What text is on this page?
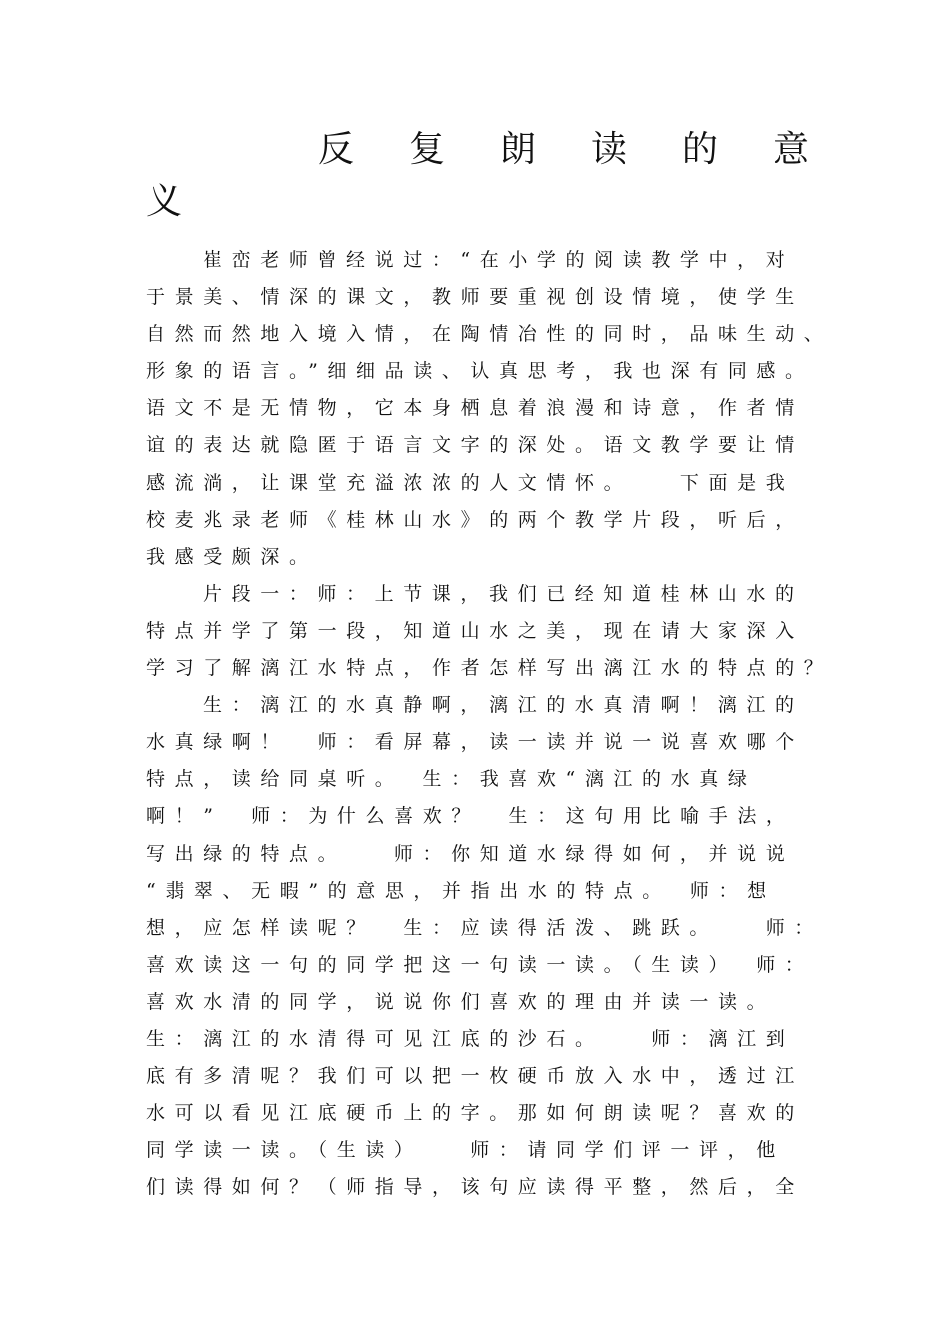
反复朗读的意
义
崔峦老师曾经说过：“在小学的阅读教学中，对
于景美、情深的课文，教师要重视创设情境，使学生
自然而然地入境入情，在陶情冶性的同时，品味生动、
形象的语言。”细细品读、认真思考，我也深有同感。
语文不是无情物，它本身栖息着浪漫和诗意，作者情
谊的表达就隐匿于语言文字的深处。语文教学要让情
感流淌，让课堂充溢浓浓的人文情怀。　　下面是我
校麦兆录老师《桂林山水》的两个教学片段，听后，
我感受颇深。
片段一：师：上节课，我们已经知道桂林山水的
特点并学了第一段，知道山水之美，现在请大家深入
学习了解漓江水特点，作者怎样写出漓江水的特点的？
生：漓江的水真静啊，漓江的水真清啊！漓江的
水真绿啊！　师：看屏幕，读一读并说一说喜欢哪个
特点，读给同桌听。　生：我喜欢“漓江的水真绿
啊！”　师：为什么喜欢？　生：这句用比喻手法，
写出绿的特点。　　师：你知道水绿得如何，并说说
“翡翠、无暇”的意思，并指出水的特点。　师：想
想，应怎样读呢？　生：应读得活泼、跳跃。　　师：
喜欢读这一句的同学把这一句读一读。（生读）　师：
喜欢水清的同学，说说你们喜欢的理由并读一读。
生：漓江的水清得可见江底的沙石。　　师：漓江到
底有多清呢？我们可以把一枚硬币放入水中，透过江
水可以看见江底硬币上的字。那如何朗读呢？喜欢的
同学读一读。（生读）　　师：请同学们评一评，他
们读得如何？（师指导，该句应读得平整，然后，全
